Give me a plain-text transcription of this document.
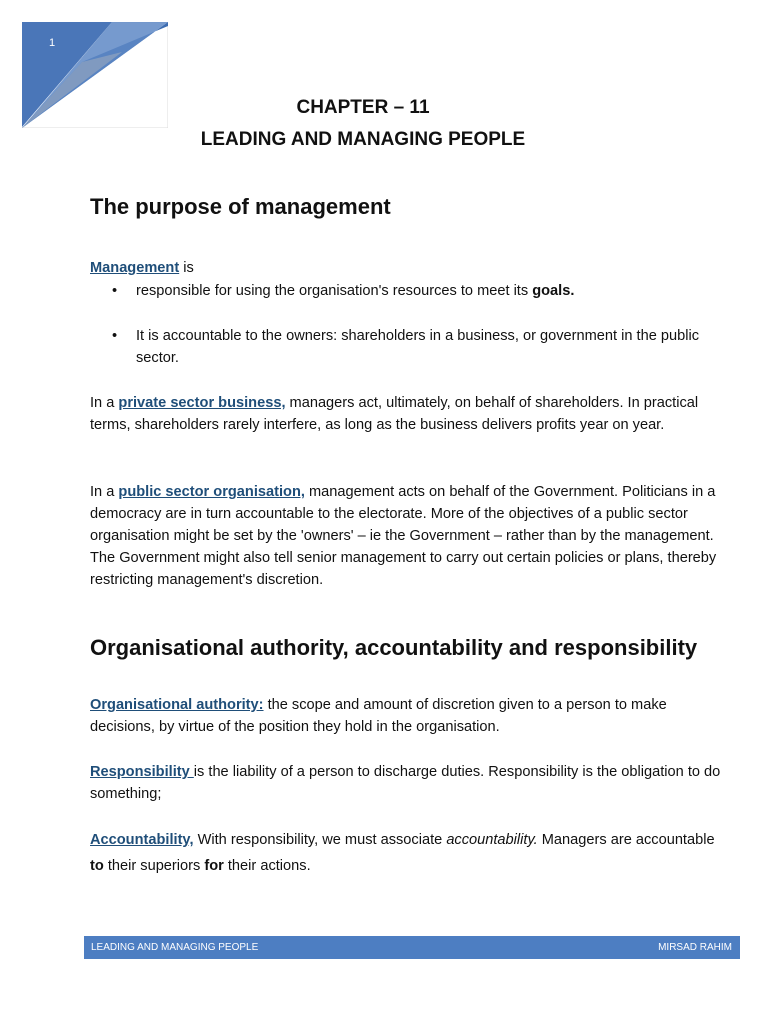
1
CHAPTER – 11
LEADING AND MANAGING PEOPLE
The purpose of management
Management is
• responsible for using the organisation's resources to meet its goals.
• It is accountable to the owners: shareholders in a business, or government in the public sector.

In a private sector business, managers act, ultimately, on behalf of shareholders. In practical terms, shareholders rarely interfere, as long as the business delivers profits year on year.

In a public sector organisation, management acts on behalf of the Government. Politicians in a democracy are in turn accountable to the electorate. More of the objectives of a public sector organisation might be set by the 'owners' – ie the Government – rather than by the management. The Government might also tell senior management to carry out certain policies or plans, thereby restricting management's discretion.

Organisational authority, accountability and responsibility

Organisational authority: the scope and amount of discretion given to a person to make decisions, by virtue of the position they hold in the organisation.

Responsibility is the liability of a person to discharge duties. Responsibility is the obligation to do something;

Accountability, With responsibility, we must associate accountability. Managers are accountable to their superiors for their actions.

LEADING AND MANAGING PEOPLE	MIRSAD RAHIM
